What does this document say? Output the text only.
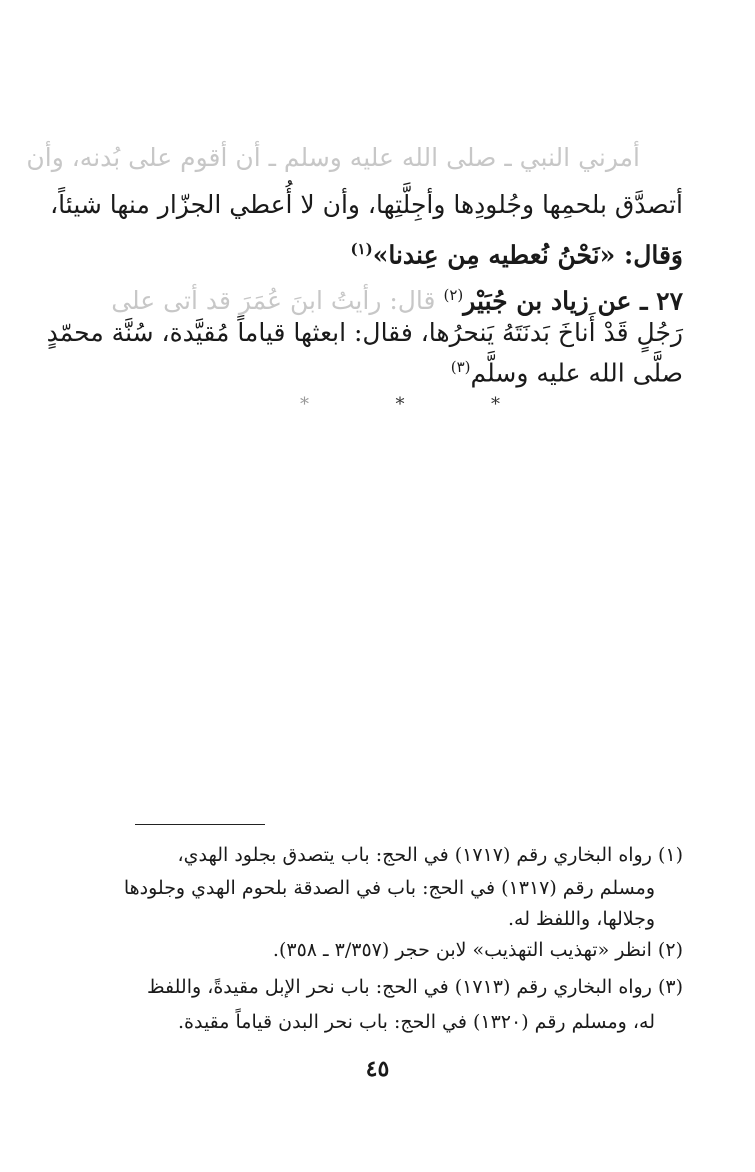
أمرني النبي ـ صلى الله عليه وسلم ـ أن أقوم على بُدنه، وأن
أتصدَّق بلحمِها وجُلودِها وأجِلَّتِها، وأن لا أُعطي الجزّار منها شيئاً،
وَقال: «نَحْنُ نُعطيه مِن عِندنا»$^{(١)}$
٢٧ ـ عن زياد بن جُبَيْر$^{(٢)}$ قال: رأيتُ ابنَ عُمَرَ قد أتى على
رَجُلٍ قَدْ أَناخَ بَدنَتَهُ يَنحرُها، فقال: ابعثها قياماً مُقيَّدة، سُنَّة محمّدٍ
صلَّى الله عليه وسلَّم$^{(٣)}$
*	*	*
(١) رواه البخاري رقم (١٧١٧) في الحج: باب يتصدق بجلود الهدي،
ومسلم رقم (١٣١٧) في الحج: باب في الصدقة بلحوم الهدي وجلودها
وجلالها، واللفظ له.
(٢) انظر «تهذيب التهذيب» لابن حجر (٣/٣٥٧ ـ ٣٥٨).
(٣) رواه البخاري رقم (١٧١٣) في الحج: باب نحر الإبل مقيدةً، واللفظ
له، ومسلم رقم (١٣٢٠) في الحج: باب نحر البدن قياماً مقيدة.
٤٥
